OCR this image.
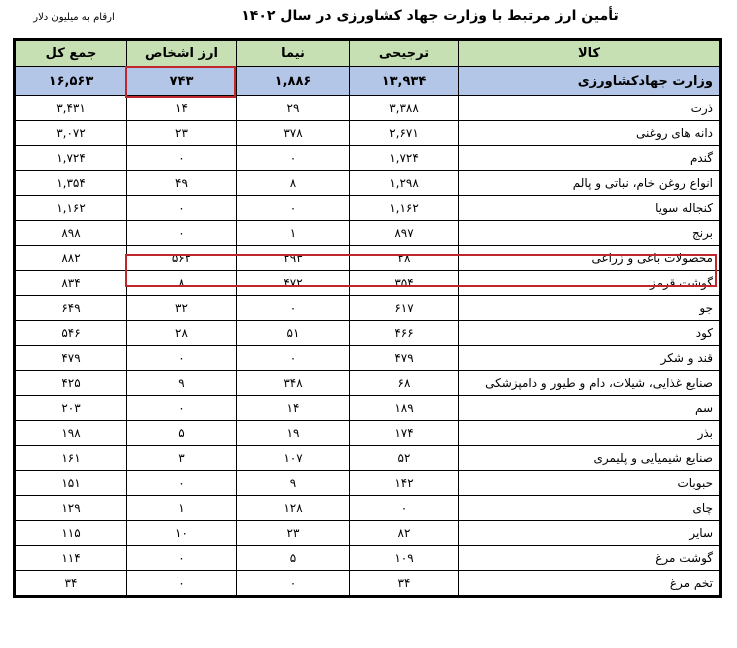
تأمین ارز مرتبط با وزارت جهاد کشاورزی در سال ۱۴۰۲
ارقام به میلیون دلار
کالا	ترجیحی	نیما	ارز اشخاص	جمع کل
وزارت جهادکشاورزی	۱۳,۹۳۴	۱,۸۸۶	۷۴۳	۱۶,۵۶۳
ذرت	۳,۳۸۸	۲۹	۱۴	۳,۴۳۱
دانه های روغنی	۲,۶۷۱	۳۷۸	۲۳	۳,۰۷۲
گندم	۱,۷۲۴	۰	۰	۱,۷۲۴
انواع روغن خام، نباتی و پالم	۱,۲۹۸	۸	۴۹	۱,۳۵۴
کنجاله سویا	۱,۱۶۲	۰	۰	۱,۱۶۲
برنج	۸۹۷	۱	۰	۸۹۸
محصولات باغی و زراعی	۲۸	۲۹۳	۵۶۲	۸۸۲
گوشت قرمز	۳۵۴	۴۷۲	۸	۸۳۴
جو	۶۱۷	۰	۳۲	۶۴۹
کود	۴۶۶	۵۱	۲۸	۵۴۶
قند و شکر	۴۷۹	۰	۰	۴۷۹
صنایع غذایی، شیلات، دام و طیور و دامپزشکی	۶۸	۳۴۸	۹	۴۲۵
سم	۱۸۹	۱۴	۰	۲۰۳
بذر	۱۷۴	۱۹	۵	۱۹۸
صنایع شیمیایی و پلیمری	۵۲	۱۰۷	۳	۱۶۱
حبوبات	۱۴۲	۹	۰	۱۵۱
چای	۰	۱۲۸	۱	۱۲۹
سایر	۸۲	۲۳	۱۰	۱۱۵
گوشت مرغ	۱۰۹	۵	۰	۱۱۴
تخم مرغ	۳۴	۰	۰	۳۴
